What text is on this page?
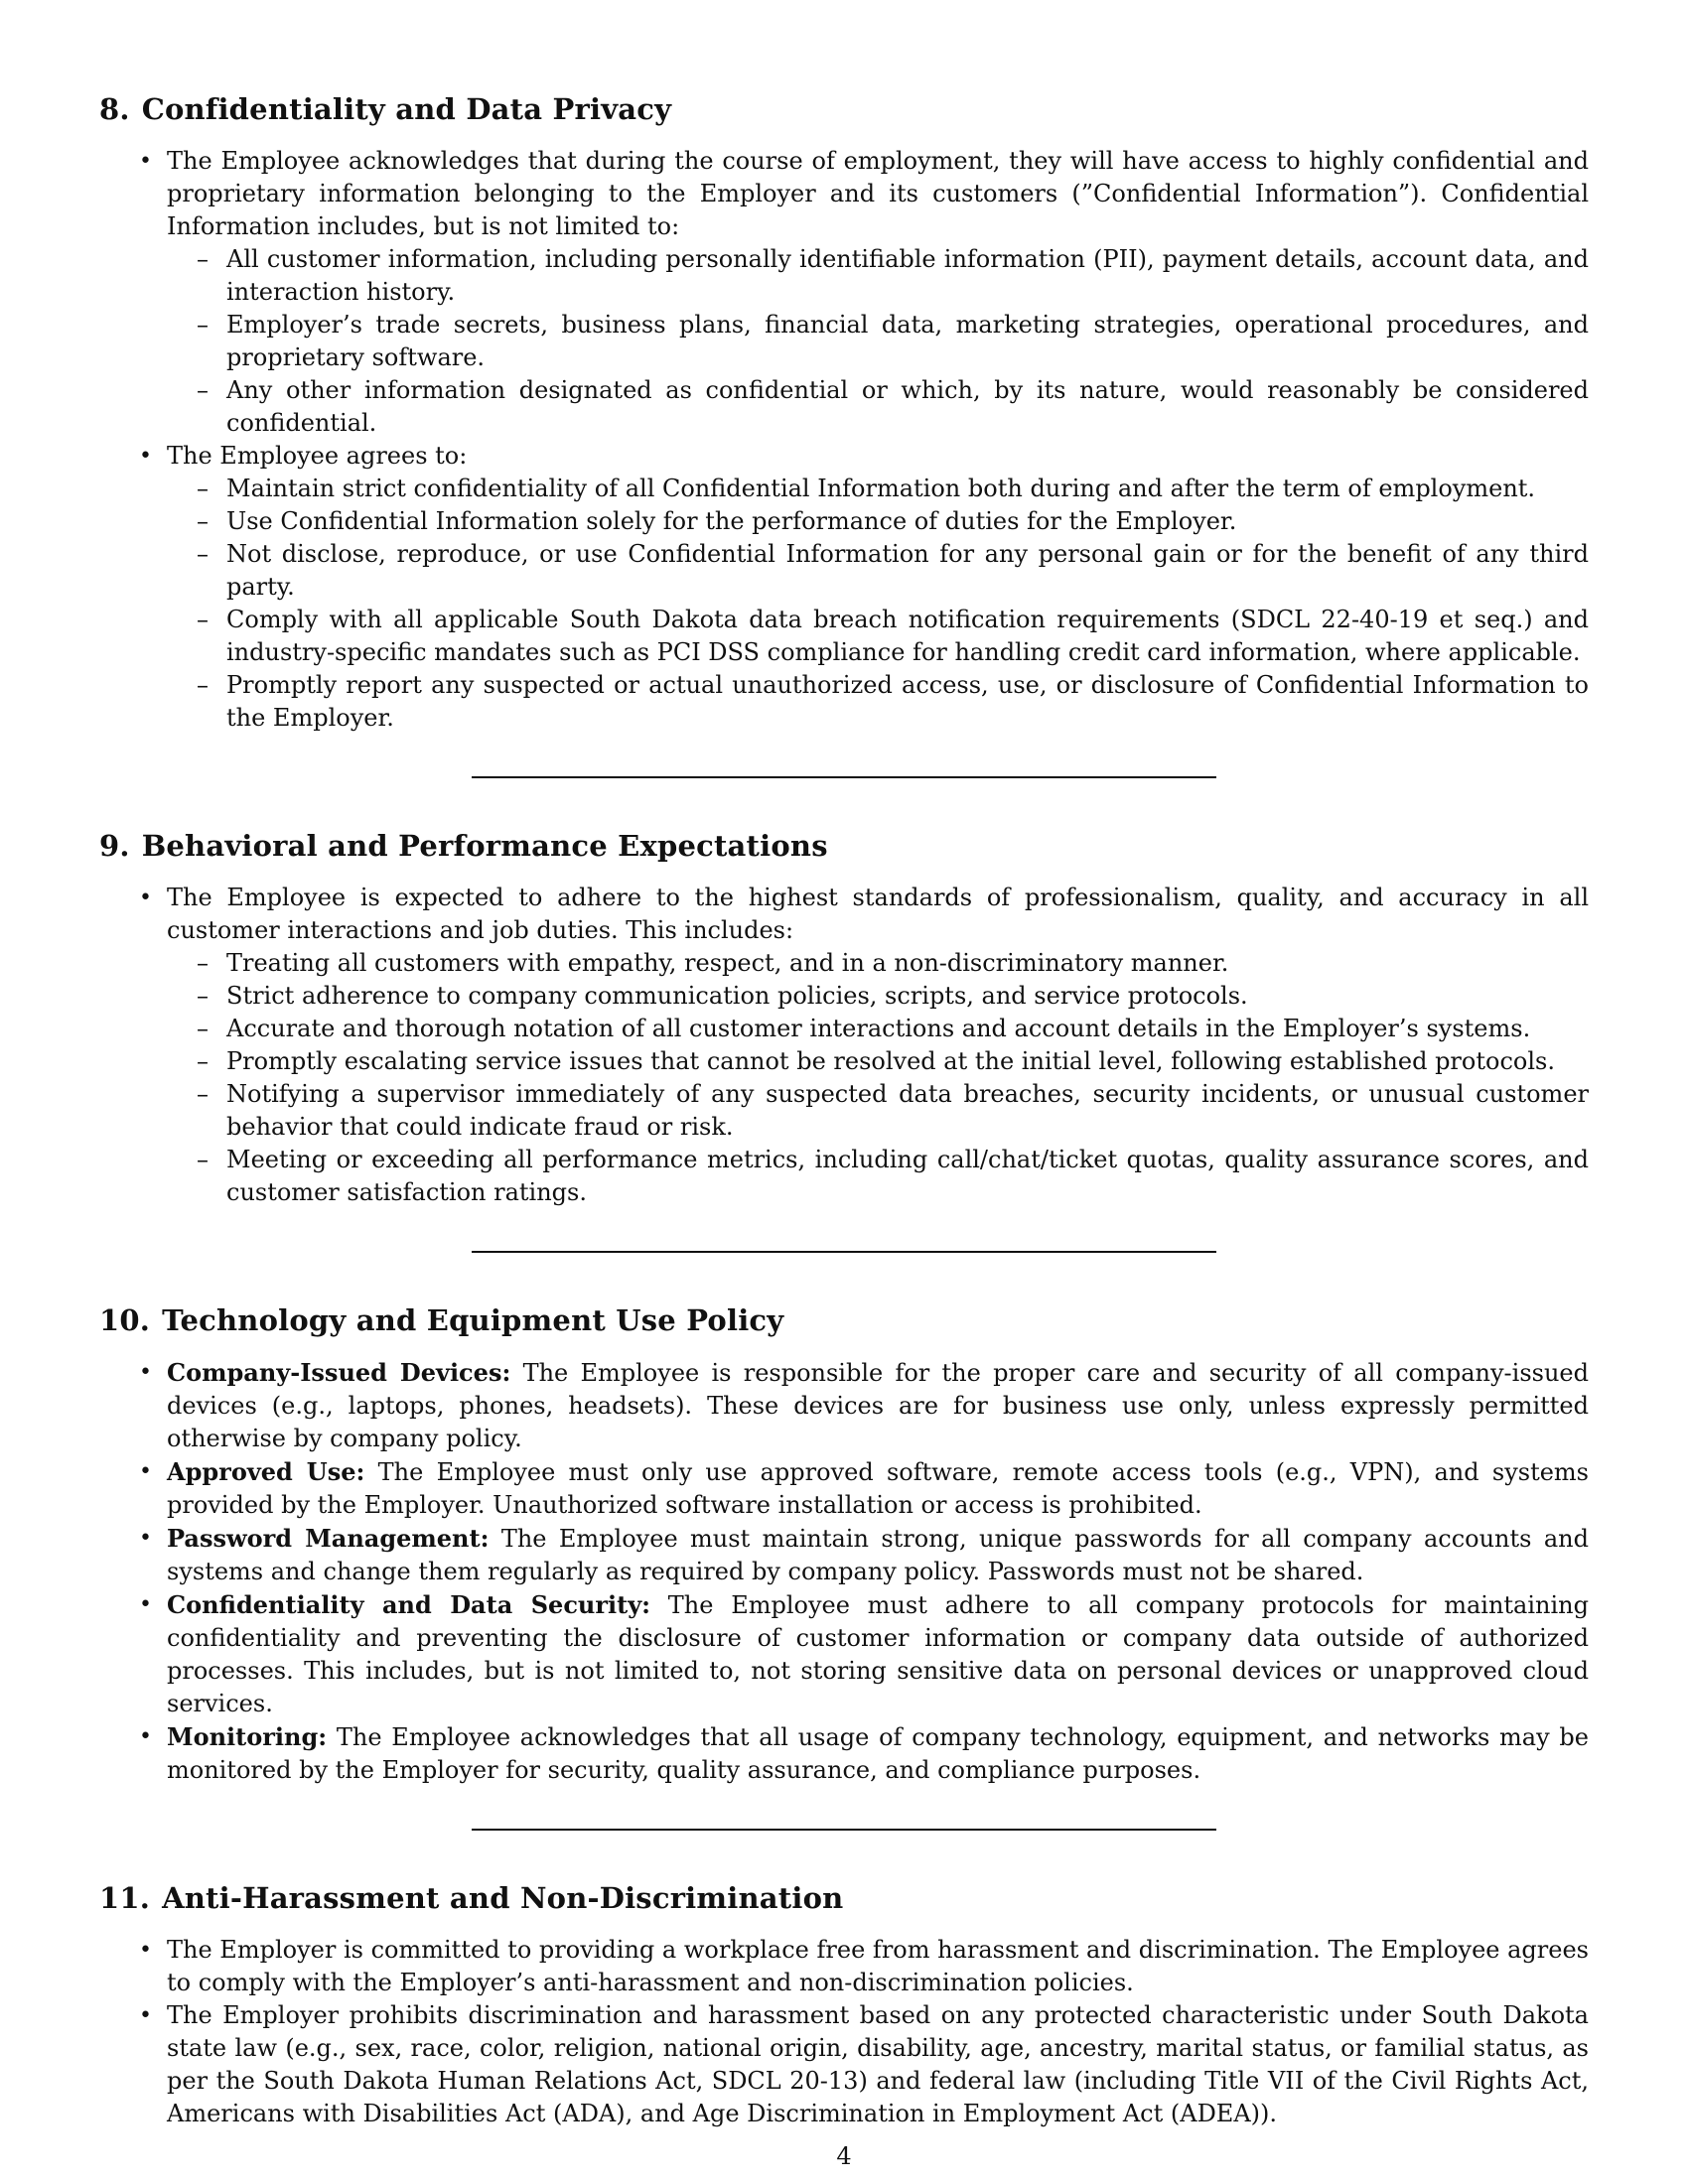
8. Confidentiality and Data Privacy
• The Employee acknowledges that during the course of employment, they will have access to highly confidential and proprietary information belonging to the Employer and its customers (”Confidential Information”). Confidential Information includes, but is not limited to:
– All customer information, including personally identifiable information (PII), payment details, account data, and interaction history.
– Employer’s trade secrets, business plans, financial data, marketing strategies, operational procedures, and proprietary software.
– Any other information designated as confidential or which, by its nature, would reasonably be considered confidential.
• The Employee agrees to:
– Maintain strict confidentiality of all Confidential Information both during and after the term of employment.
– Use Confidential Information solely for the performance of duties for the Employer.
– Not disclose, reproduce, or use Confidential Information for any personal gain or for the benefit of any third party.
– Comply with all applicable South Dakota data breach notification requirements (SDCL 22-40-19 et seq.) and industry-specific mandates such as PCI DSS compliance for handling credit card information, where applicable.
– Promptly report any suspected or actual unauthorized access, use, or disclosure of Confidential Information to the Employer.
9. Behavioral and Performance Expectations
• The Employee is expected to adhere to the highest standards of professionalism, quality, and accuracy in all customer interactions and job duties. This includes:
– Treating all customers with empathy, respect, and in a non-discriminatory manner.
– Strict adherence to company communication policies, scripts, and service protocols.
– Accurate and thorough notation of all customer interactions and account details in the Employer’s systems.
– Promptly escalating service issues that cannot be resolved at the initial level, following established protocols.
– Notifying a supervisor immediately of any suspected data breaches, security incidents, or unusual customer behavior that could indicate fraud or risk.
– Meeting or exceeding all performance metrics, including call/chat/ticket quotas, quality assurance scores, and customer satisfaction ratings.
10. Technology and Equipment Use Policy
• Company-Issued Devices: The Employee is responsible for the proper care and security of all company-issued devices (e.g., laptops, phones, headsets). These devices are for business use only, unless expressly permitted otherwise by company policy.
• Approved Use: The Employee must only use approved software, remote access tools (e.g., VPN), and systems provided by the Employer. Unauthorized software installation or access is prohibited.
• Password Management: The Employee must maintain strong, unique passwords for all company accounts and systems and change them regularly as required by company policy. Passwords must not be shared.
• Confidentiality and Data Security: The Employee must adhere to all company protocols for maintaining confidentiality and preventing the disclosure of customer information or company data outside of authorized processes. This includes, but is not limited to, not storing sensitive data on personal devices or unapproved cloud services.
• Monitoring: The Employee acknowledges that all usage of company technology, equipment, and networks may be monitored by the Employer for security, quality assurance, and compliance purposes.
11. Anti-Harassment and Non-Discrimination
• The Employer is committed to providing a workplace free from harassment and discrimination. The Employee agrees to comply with the Employer’s anti-harassment and non-discrimination policies.
• The Employer prohibits discrimination and harassment based on any protected characteristic under South Dakota state law (e.g., sex, race, color, religion, national origin, disability, age, ancestry, marital status, or familial status, as per the South Dakota Human Relations Act, SDCL 20-13) and federal law (including Title VII of the Civil Rights Act, Americans with Disabilities Act (ADA), and Age Discrimination in Employment Act (ADEA)).
4
